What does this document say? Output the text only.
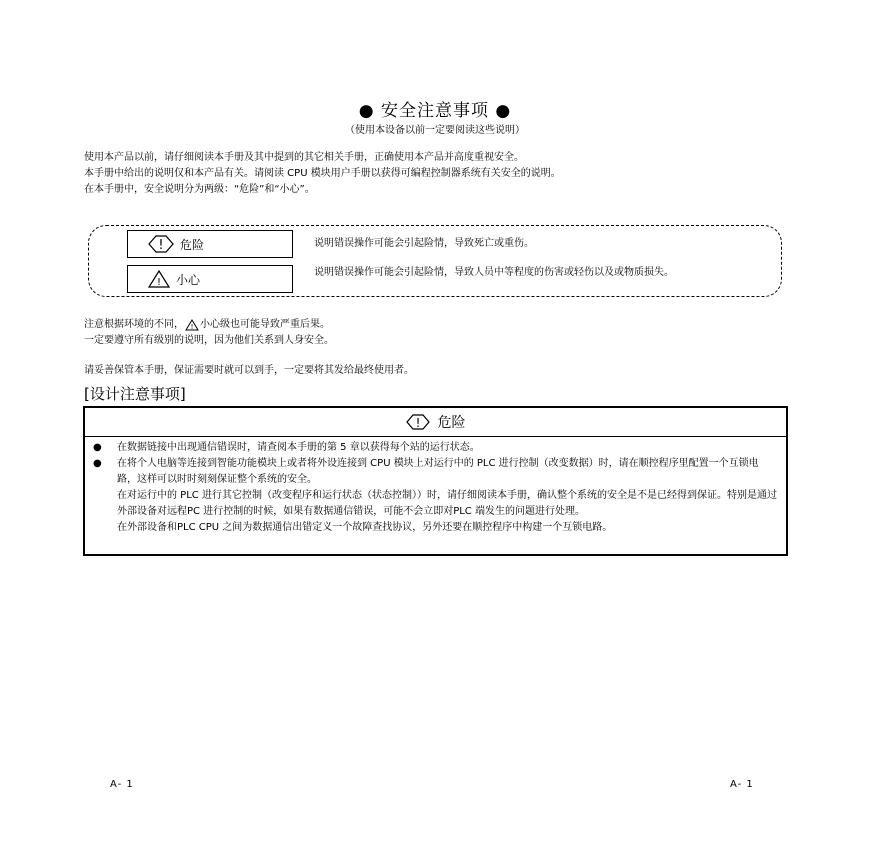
● 安全注意事项 ●
（使用本设备以前一定要阅读这些说明）
使用本产品以前，请仔细阅读本手册及其中提到的其它相关手册，正确使用本产品并高度重视安全。
本手册中给出的说明仅和本产品有关。请阅读 CPU 模块用户手册以获得可编程控制器系统有关安全的说明。
在本手册中，安全说明分为两级：“危险”和“小心”。
! 危险	说明错误操作可能会引起险情，导致死亡或重伤。
! 小心	说明错误操作可能会引起险情，导致人员中等程度的伤害或轻伤以及或物质损失。
注意根据环境的不同， ! 小心 级也可能导致严重后果。
一定要遵守所有级别的说明，因为他们关系到人身安全。
请妥善保管本手册，保证需要时就可以到手，一定要将其发给最终使用者。
[设计注意事项]
! 危险
●	在数据链接中出现通信错误时，请查阅本手册的第 5 章以获得每个站的运行状态。
●	在将个人电脑等连接到智能功能模块上或者将外设连接到 CPU 模块上对运行中的 PLC 进行控制（改变数据）时，请在顺控程序里配置一个互锁电路，这样可以时时刻刻保证整个系统的安全。
在对运行中的 PLC 进行其它控制（改变程序和运行状态（状态控制））时，请仔细阅读本手册，确认整个系统的安全是不是已经得到保证。特别是通过外部设备对远程PC 进行控制的时候，如果有数据通信错误，可能不会立即对PLC 端发生的问题进行处理。
在外部设备和PLC CPU 之间为数据通信出错定义一个故障查找协议，另外还要在顺控程序中构建一个互锁电路。
A- 1	A- 1
